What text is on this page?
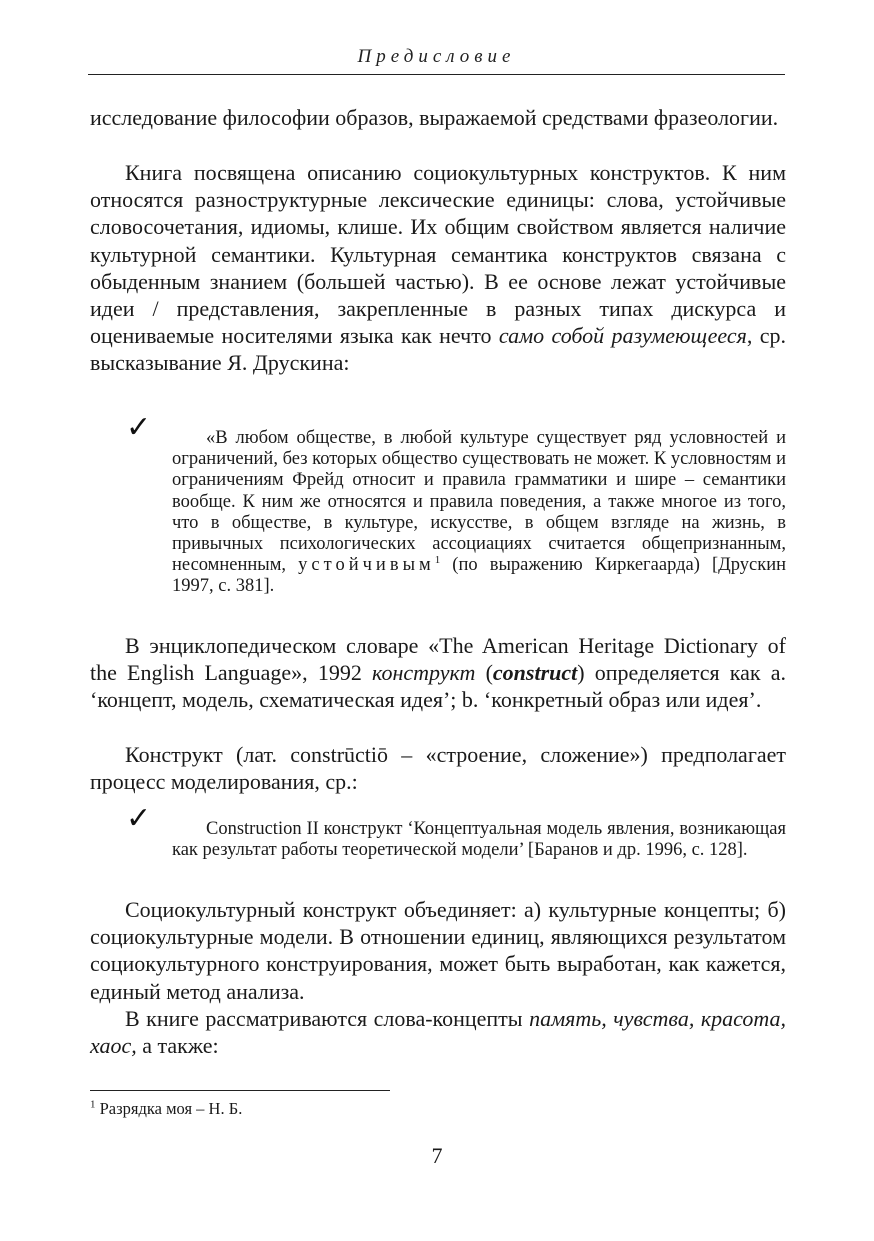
Предисловие

исследование философии образов, выражаемой средствами фразеологии.

Книга посвящена описанию социокультурных конструктов. К ним относятся разноструктурные лексические единицы: слова, устойчивые словосочетания, идиомы, клише. Их общим свойством является наличие культурной семантики. Культурная семантика конструктов связана с обыденным знанием (большей частью). В ее основе лежат устойчивые идеи / представления, закрепленные в разных типах дискурса и оцениваемые носителями языка как нечто само собой разумеющееся, ср. высказывание Я. Друскина:

✓	«В любом обществе, в любой культуре существует ряд условностей и ограничений, без которых общество существовать не может. К условностям и ограничениям Фрейд относит и правила грамматики и шире – семантики вообще. К ним же относятся и правила поведения, а также многое из того, что в обществе, в культуре, искусстве, в общем взгляде на жизнь, в привычных психологических ассоциациях считается общепризнанным, несомненным, устойчивым$^1$ (по выражению Киркегаарда) [Друскин 1997, с. 381].

В энциклопедическом словаре «The American Heritage Dictionary of the English Language», 1992 конструкт (construct) определяется как a. ‘концепт, модель, схематическая идея’; b. ‘конкретный образ или идея’.

Конструкт (лат. constrūctiō – «строение, сложение») предполагает процесс моделирования, ср.:

✓	Construction II конструкт ‘Концептуальная модель явления, возникающая как результат работы теоретической модели’ [Баранов и др. 1996, с. 128].

Социокультурный конструкт объединяет: а) культурные концепты; б) социокультурные модели. В отношении единиц, являющихся результатом социокультурного конструирования, может быть выработан, как кажется, единый метод анализа.

В книге рассматриваются слова-концепты память, чувства, красота, хаос, а также:

$^1$ Разрядка моя – Н. Б.
7
